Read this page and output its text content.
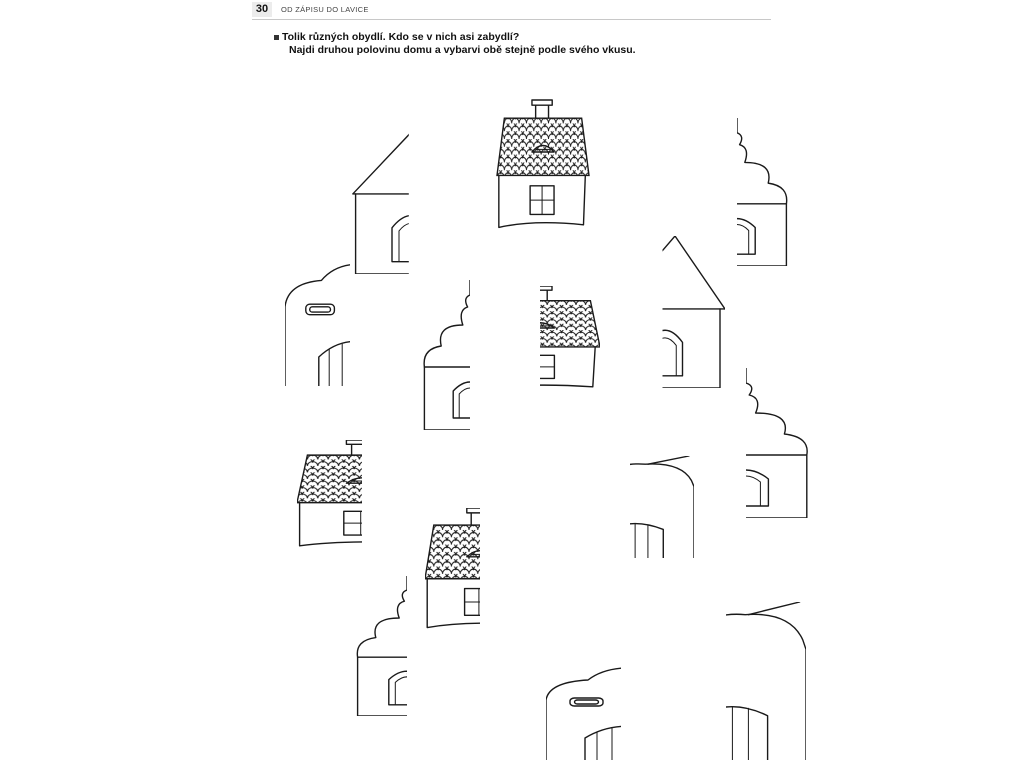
30	OD ZÁPISU DO LAVICE
Tolik různých obydlí. Kdo se v nich asi zabydlí?
Najdi druhou polovinu domu a vybarvi obě stejně podle svého vkusu.
